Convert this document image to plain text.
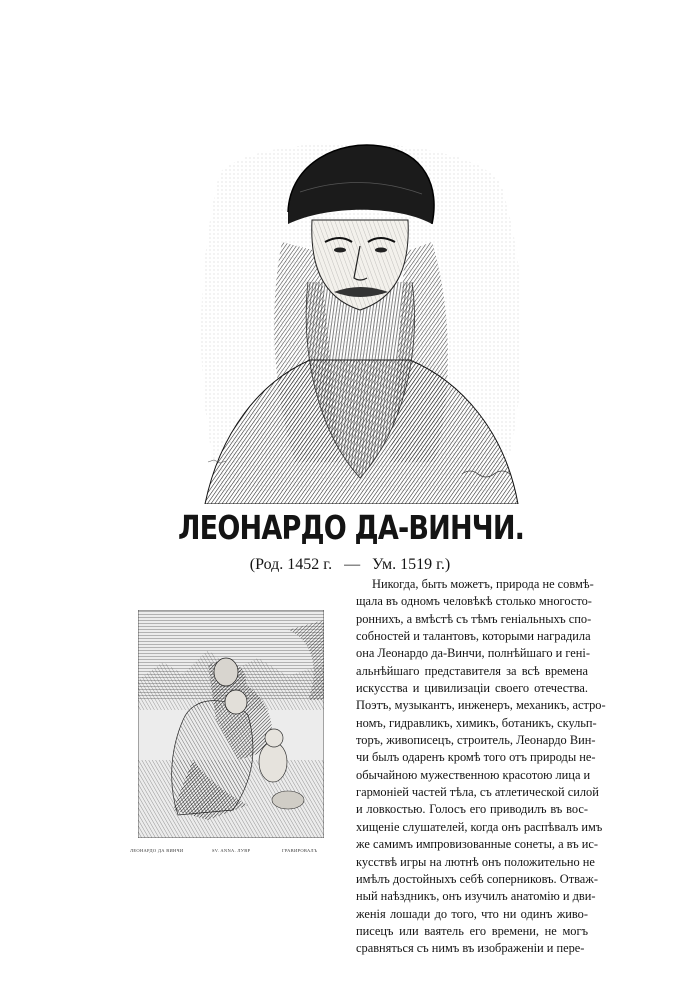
ЛЕОНАРДО ДА-ВИНЧИ.
(Род. 1452 г. — Ум. 1519 г.)
ЛЕОНАРДО ДА ВИНЧИ	SV. ANNA. ЛУВР	ГРАВИРОВАЛЪ

Никогда, быть можетъ, природа не совмѣ-
щала въ одномъ человѣкѣ столько многосто-
роннихъ, а вмѣстѣ съ тѣмъ геніальныхъ спо-
собностей и талантовъ, которыми наградила
она Леонардо да-Винчи, полнѣйшаго и гені-
альнѣйшаго представителя за всѣ времена
искусства и цивилизаціи своего отечества.
Поэтъ, музыкантъ, инженеръ, механикъ, астро-
номъ, гидравликъ, химикъ, ботаникъ, скульп-
торъ, живописецъ, строитель, Леонардо Вин-
чи былъ одаренъ кромѣ того отъ природы не-
обычайною мужественною красотою лица и
гармоніей частей тѣла, съ атлетической силой
и ловкостью. Голосъ его приводилъ въ вос-
хищеніе слушателей, когда онъ распѣвалъ имъ
же самимъ импровизованные сонеты, а въ ис-
кусствѣ игры на лютнѣ онъ положительно не
имѣлъ достойныхъ себѣ соперниковъ. Отваж-
ный наѣздникъ, онъ изучилъ анатомію и дви-
женія лошади до того, что ни одинъ живо-
писецъ или ваятель его времени, не могъ
сравняться съ нимъ въ изображеніи и пере-
